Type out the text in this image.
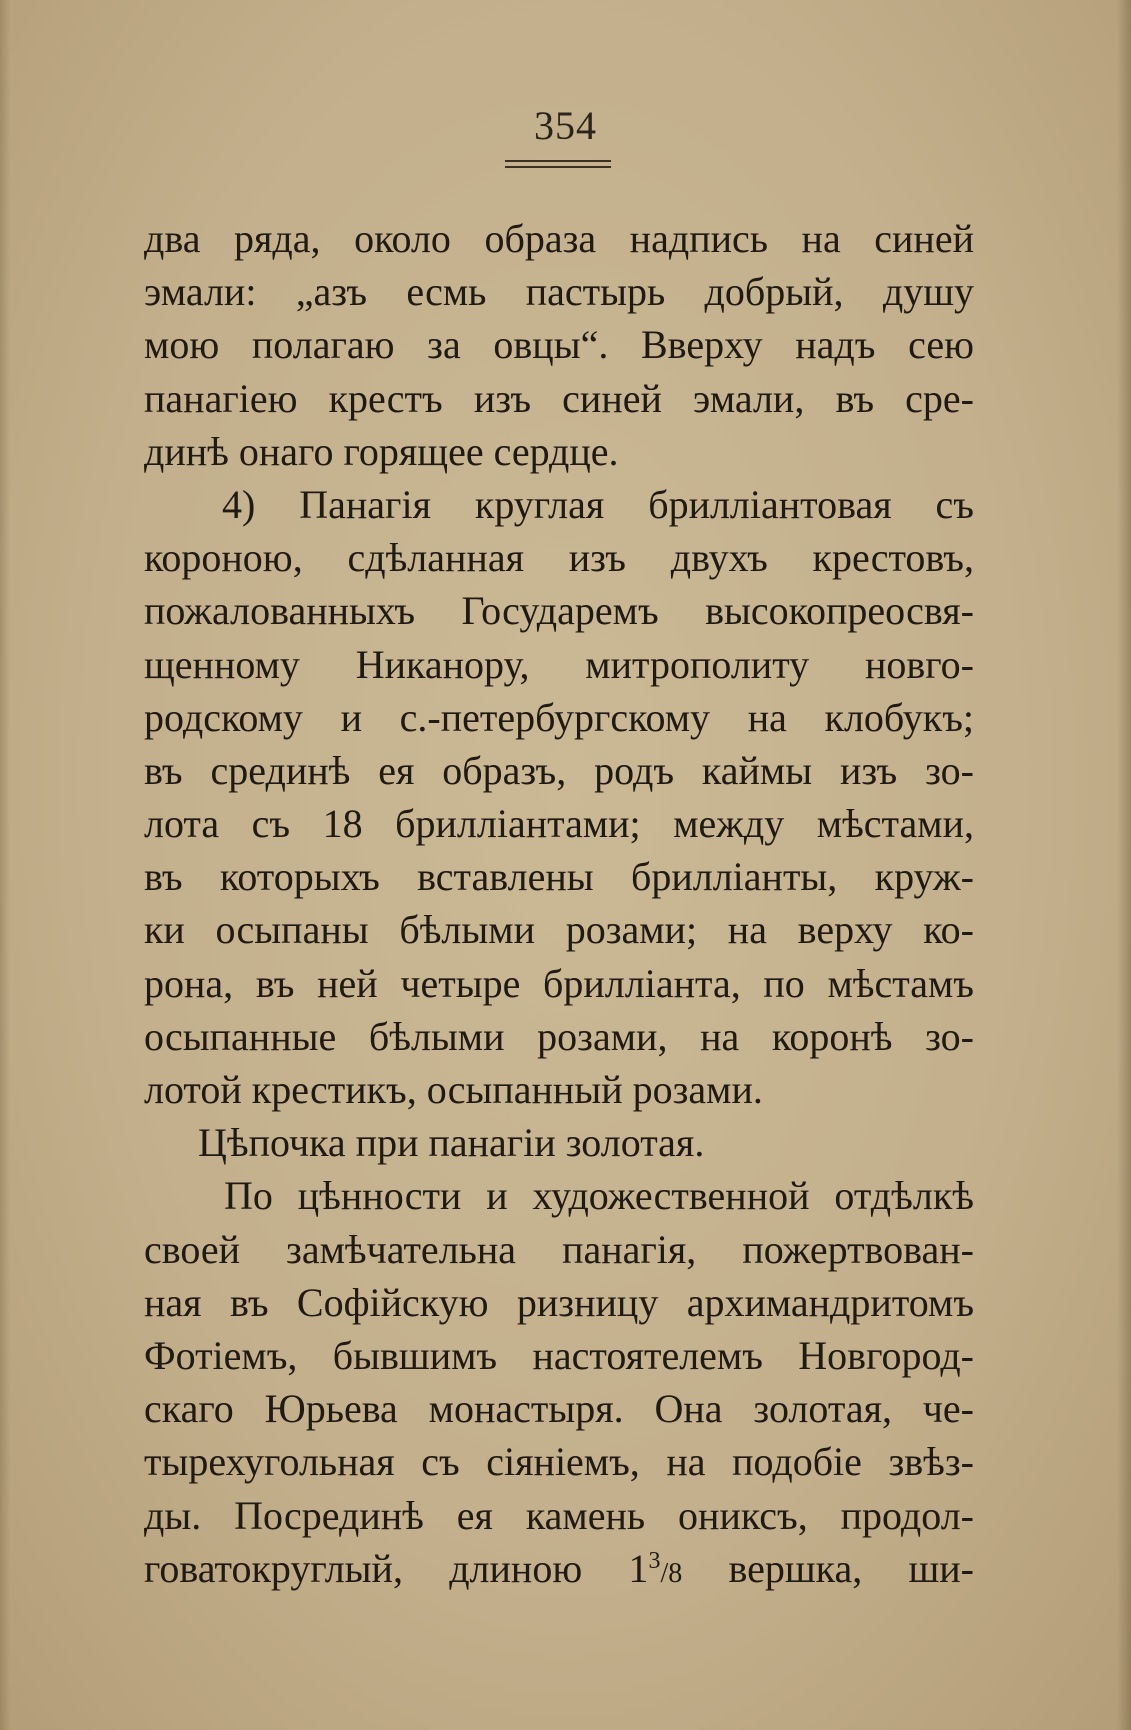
354
два ряда, около образа надпись на синей
эмали: „азъ есмь пастырь добрый, душу
мою полагаю за овцы“. Вверху надъ сею
панагіею крестъ изъ синей эмали, въ сре-
динѣ онаго горящее сердце.
4) Панагія круглая брилліантовая съ
короною, сдѣланная изъ двухъ крестовъ,
пожалованныхъ Государемъ высокопреосвя-
щенному Никанору, митрополиту новго-
родскому и с.-петербургскому на клобукъ;
въ срединѣ ея образъ, родъ каймы изъ зо-
лота съ 18 брилліантами; между мѣстами,
въ которыхъ вставлены брилліанты, круж-
ки осыпаны бѣлыми розами; на верху ко-
рона, въ ней четыре брилліанта, по мѣстамъ
осыпанные бѣлыми розами, на коронѣ зо-
лотой крестикъ, осыпанный розами.
Цѣпочка при панагіи золотая.
По цѣнности и художественной отдѣлкѣ
своей замѣчательна панагія, пожертвован-
ная въ Софійскую ризницу архимандритомъ
Фотіемъ, бывшимъ настоятелемъ Новгород-
скаго Юрьева монастыря. Она золотая, че-
тырехугольная съ сіяніемъ, на подобіе звѣз-
ды. Посрединѣ ея камень ониксъ, продол-
говатокруглый, длиною $1^3/8$ вершка, ши-
